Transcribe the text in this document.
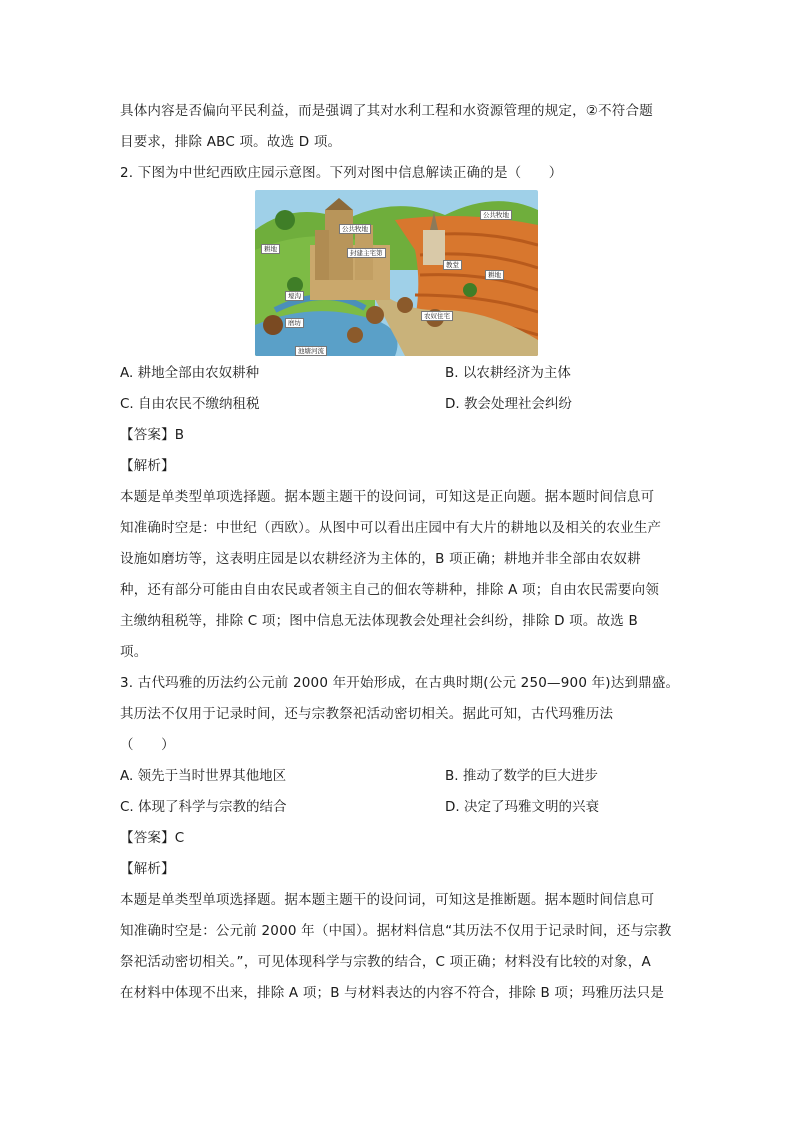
具体内容是否偏向平民利益，而是强调了其对水利工程和水资源管理的规定，②不符合题
目要求，排除 ABC 项。故选 D 项。
2. 下图为中世纪西欧庄园示意图。下列对图中信息解读正确的是（　　）
公共牧地
公共牧地
封建主宅第
耕地
教堂
耕地
壕沟
磨坊
农奴住宅
池塘河流
A. 耕地全部由农奴耕种	B. 以农耕经济为主体
C. 自由农民不缴纳租税	D. 教会处理社会纠纷
【答案】B
【解析】
本题是单类型单项选择题。据本题主题干的设问词，可知这是正向题。据本题时间信息可
知准确时空是：中世纪（西欧）。从图中可以看出庄园中有大片的耕地以及相关的农业生产
设施如磨坊等，这表明庄园是以农耕经济为主体的，B 项正确；耕地并非全部由农奴耕
种，还有部分可能由自由农民或者领主自己的佃农等耕种，排除 A 项；自由农民需要向领
主缴纳租税等，排除 C 项；图中信息无法体现教会处理社会纠纷，排除 D 项。故选 B
项。
3. 古代玛雅的历法约公元前 2000 年开始形成，在古典时期(公元 250—900 年)达到鼎盛。
其历法不仅用于记录时间，还与宗教祭祀活动密切相关。据此可知，古代玛雅历法
（　　）
A. 领先于当时世界其他地区	B. 推动了数学的巨大进步
C. 体现了科学与宗教的结合	D. 决定了玛雅文明的兴衰
【答案】C
【解析】
本题是单类型单项选择题。据本题主题干的设问词，可知这是推断题。据本题时间信息可
知准确时空是：公元前 2000 年（中国）。据材料信息“其历法不仅用于记录时间，还与宗教
祭祀活动密切相关。”，可见体现科学与宗教的结合，C 项正确；材料没有比较的对象，A
在材料中体现不出来，排除 A 项；B 与材料表达的内容不符合，排除 B 项；玛雅历法只是
